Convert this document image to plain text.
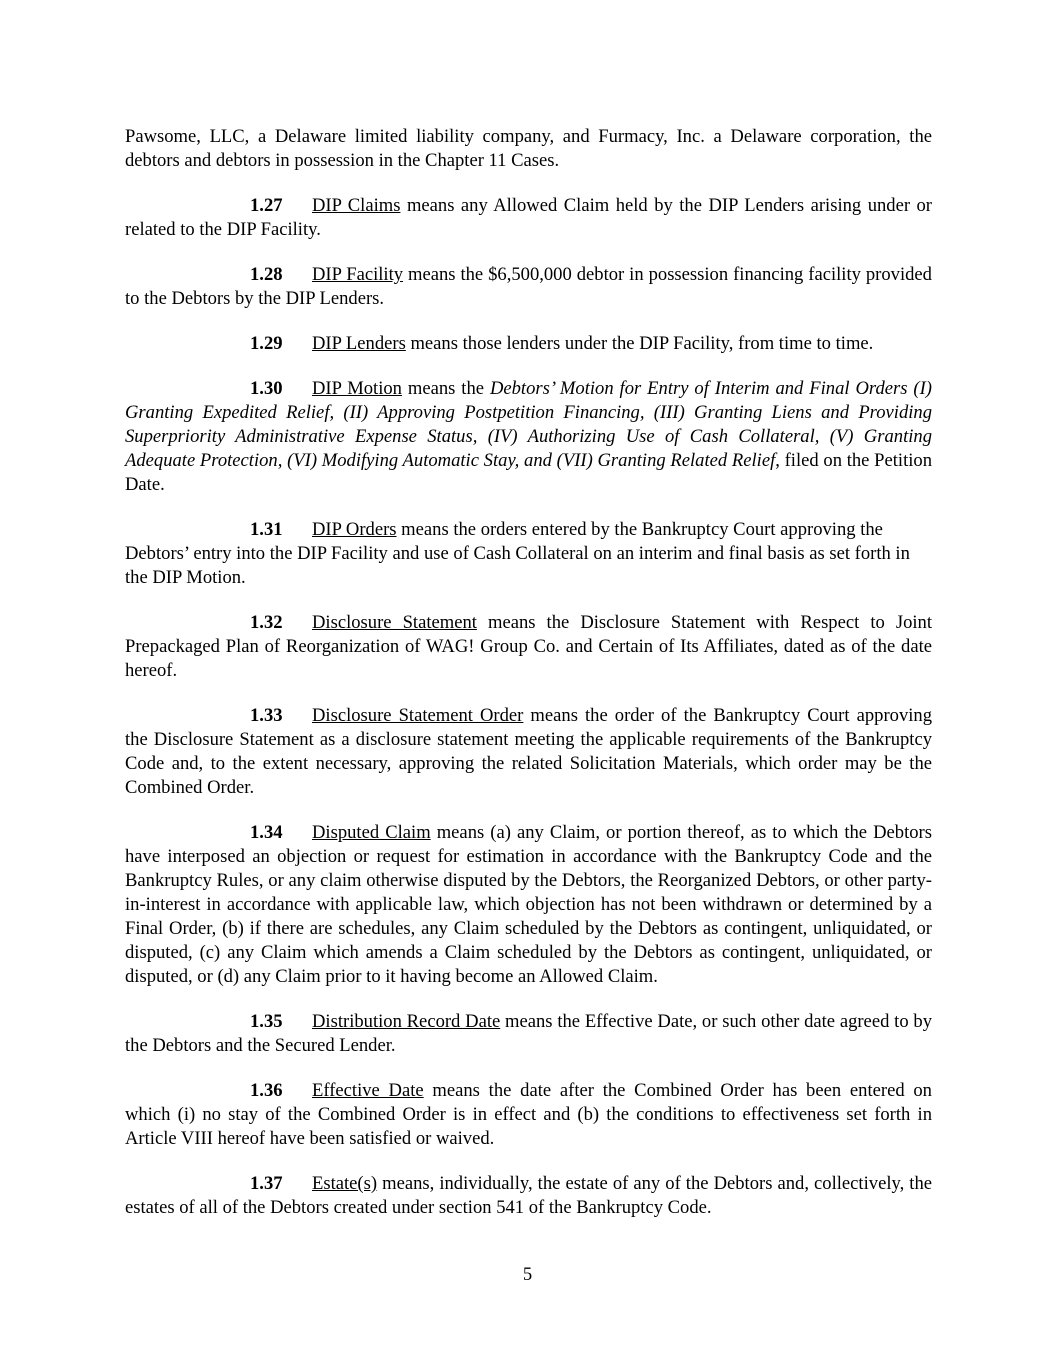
Pawsome, LLC, a Delaware limited liability company, and Furmacy, Inc. a Delaware corporation, the debtors and debtors in possession in the Chapter 11 Cases.

1.27 DIP Claims means any Allowed Claim held by the DIP Lenders arising under or related to the DIP Facility.

1.28 DIP Facility means the $6,500,000 debtor in possession financing facility provided to the Debtors by the DIP Lenders.

1.29 DIP Lenders means those lenders under the DIP Facility, from time to time.

1.30 DIP Motion means the Debtors’ Motion for Entry of Interim and Final Orders (I) Granting Expedited Relief, (II) Approving Postpetition Financing, (III) Granting Liens and Providing Superpriority Administrative Expense Status, (IV) Authorizing Use of Cash Collateral, (V) Granting Adequate Protection, (VI) Modifying Automatic Stay, and (VII) Granting Related Relief, filed on the Petition Date.

1.31 DIP Orders means the orders entered by the Bankruptcy Court approving the Debtors’ entry into the DIP Facility and use of Cash Collateral on an interim and final basis as set forth in the DIP Motion.

1.32 Disclosure Statement means the Disclosure Statement with Respect to Joint Prepackaged Plan of Reorganization of WAG! Group Co. and Certain of Its Affiliates, dated as of the date hereof.

1.33 Disclosure Statement Order means the order of the Bankruptcy Court approving the Disclosure Statement as a disclosure statement meeting the applicable requirements of the Bankruptcy Code and, to the extent necessary, approving the related Solicitation Materials, which order may be the Combined Order.

1.34 Disputed Claim means (a) any Claim, or portion thereof, as to which the Debtors have interposed an objection or request for estimation in accordance with the Bankruptcy Code and the Bankruptcy Rules, or any claim otherwise disputed by the Debtors, the Reorganized Debtors, or other party-in-interest in accordance with applicable law, which objection has not been withdrawn or determined by a Final Order, (b) if there are schedules, any Claim scheduled by the Debtors as contingent, unliquidated, or disputed, (c) any Claim which amends a Claim scheduled by the Debtors as contingent, unliquidated, or disputed, or (d) any Claim prior to it having become an Allowed Claim.

1.35 Distribution Record Date means the Effective Date, or such other date agreed to by the Debtors and the Secured Lender.

1.36 Effective Date means the date after the Combined Order has been entered on which (i) no stay of the Combined Order is in effect and (b) the conditions to effectiveness set forth in Article VIII hereof have been satisfied or waived.

1.37 Estate(s) means, individually, the estate of any of the Debtors and, collectively, the estates of all of the Debtors created under section 541 of the Bankruptcy Code.

5
